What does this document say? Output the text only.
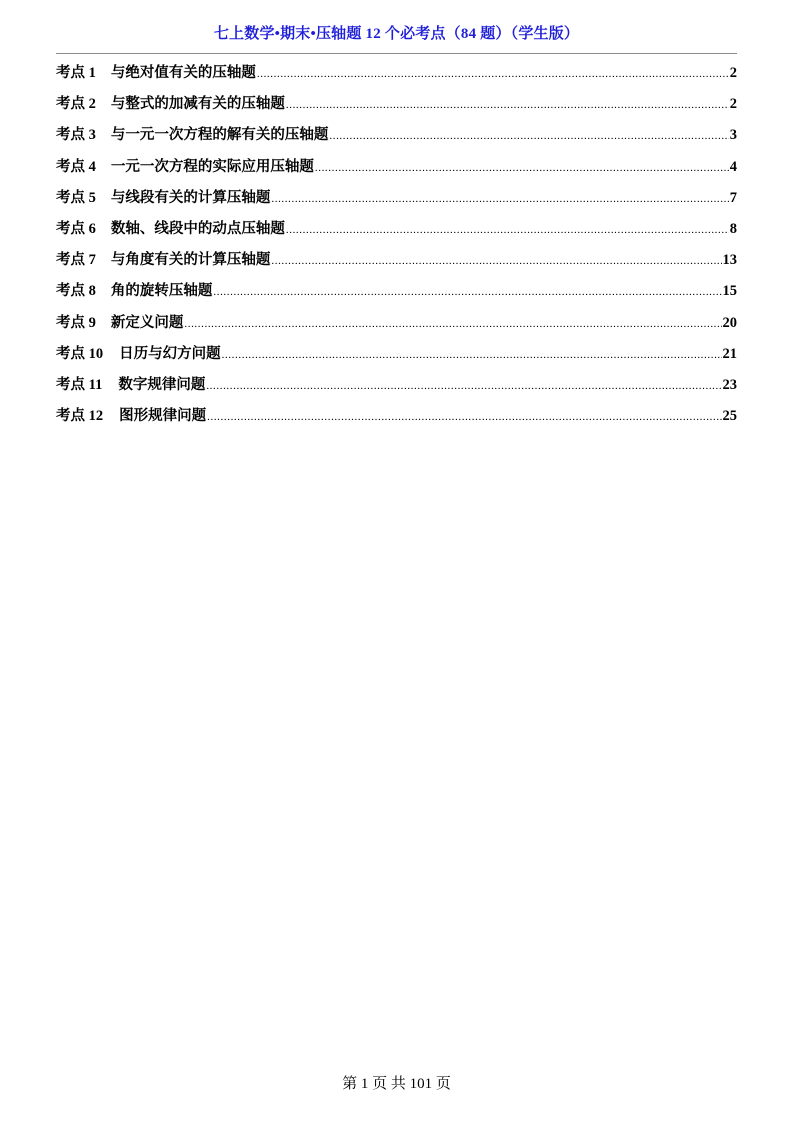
七上数学•期末•压轴题 12 个必考点（84 题）（学生版）
考点 1	与绝对值有关的压轴题 .....	2
考点 2	与整式的加减有关的压轴题 .....	2
考点 3	与一元一次方程的解有关的压轴题 .....	3
考点 4	一元一次方程的实际应用压轴题 .....	4
考点 5	与线段有关的计算压轴题 .....	7
考点 6	数轴、线段中的动点压轴题 .....	8
考点 7	与角度有关的计算压轴题 .....	13
考点 8	角的旋转压轴题 .....	15
考点 9	新定义问题 .....	20
考点 10	日历与幻方问题 .....	21
考点 11	数字规律问题 .....	23
考点 12	图形规律问题 .....	25
第 1 页 共 101 页
